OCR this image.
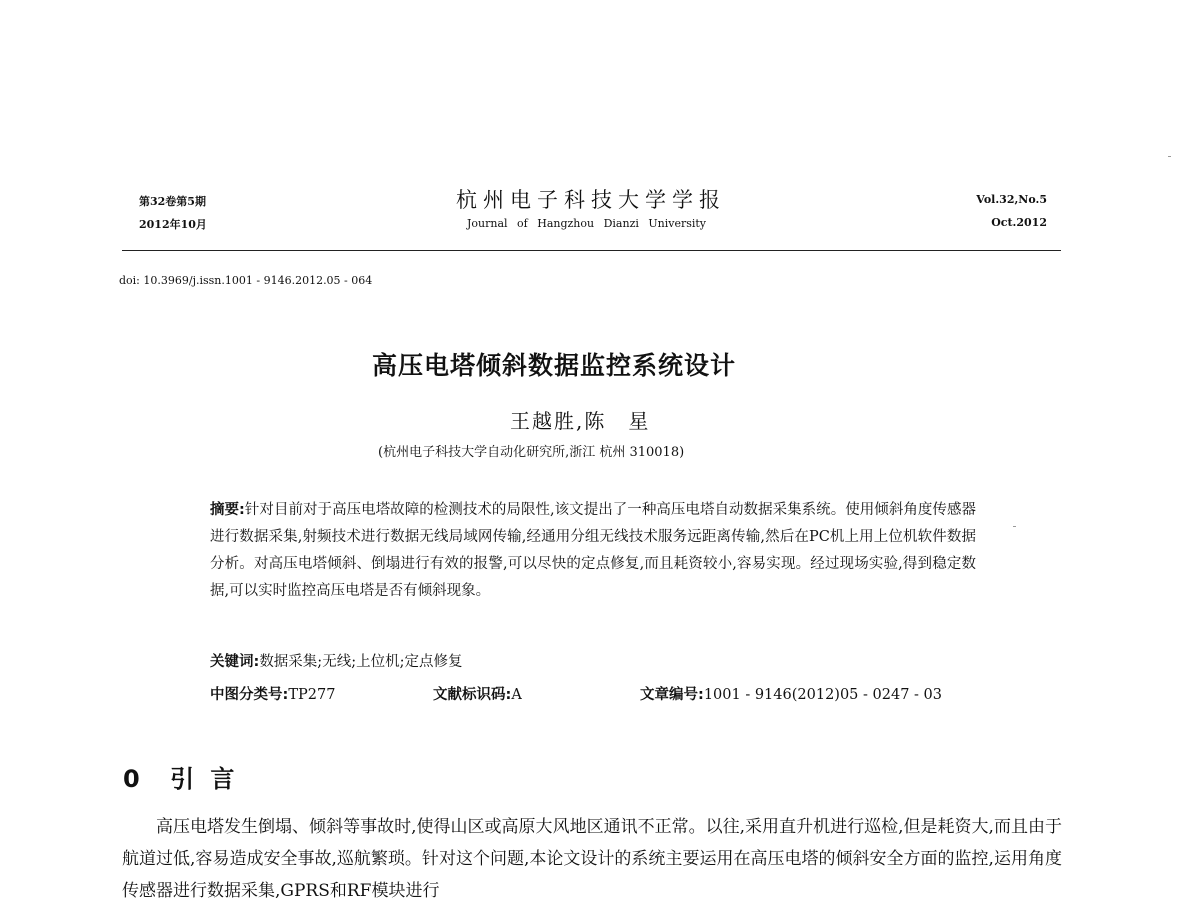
第32卷第5期
2012年10月
杭州电子科技大学学报
Journal of Hangzhou Dianzi University
Vol.32,No.5
Oct.2012
doi: 10.3969/j.issn.1001 - 9146.2012.05 - 064
高压电塔倾斜数据监控系统设计
王越胜,陈　星
(杭州电子科技大学自动化研究所,浙江 杭州 310018)
摘要:针对目前对于高压电塔故障的检测技术的局限性,该文提出了一种高压电塔自动数据采集系统。使用倾斜角度传感器进行数据采集,射频技术进行数据无线局域网传输,经通用分组无线技术服务远距离传输,然后在PC机上用上位机软件数据分析。对高压电塔倾斜、倒塌进行有效的报警,可以尽快的定点修复,而且耗资较小,容易实现。经过现场实验,得到稳定数据,可以实时监控高压电塔是否有倾斜现象。
关键词:数据采集;无线;上位机;定点修复
中图分类号:TP277	文献标识码:A	文章编号:1001 - 9146(2012)05 - 0247 - 03
0 引 言
高压电塔发生倒塌、倾斜等事故时,使得山区或高原大风地区通讯不正常。以往,采用直升机进行巡检,但是耗资大,而且由于航道过低,容易造成安全事故,巡航繁琐。针对这个问题,本论文设计的系统主要运用在高压电塔的倾斜安全方面的监控,运用角度传感器进行数据采集,GPRS和RF模块进行
